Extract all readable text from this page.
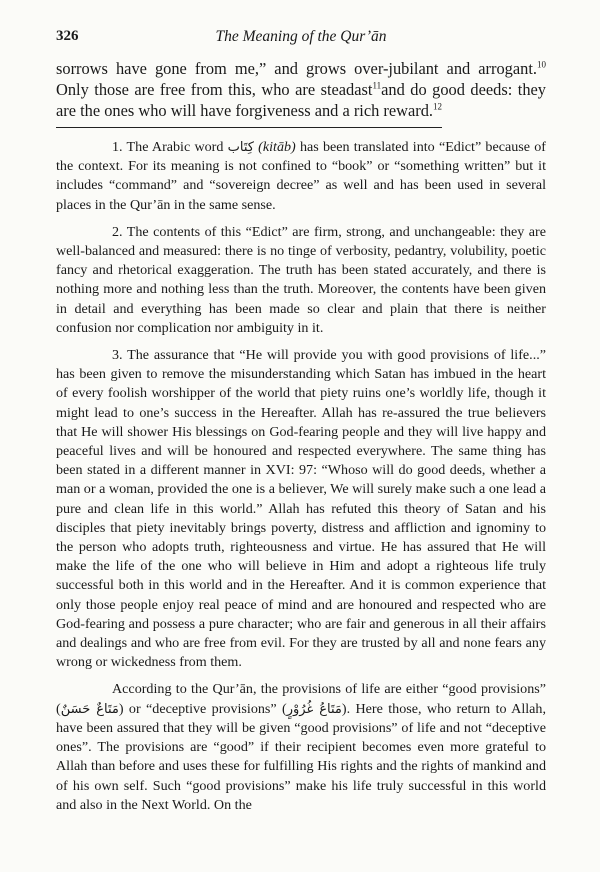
326	The Meaning of the Qur’ān

sorrows have gone from me,” and grows over-jubilant and arrogant.$^{10}$ Only those are free from this, who are steadast$^{11}$and do good deeds: they are the ones who will have forgiveness and a rich reward.$^{12}$

1. The Arabic word كِتَاب (kitāb) has been translated into “Edict” because of the context. For its meaning is not confined to “book” or “something written” but it includes “command” and “sovereign decree” as well and has been used in several places in the Qur’ān in the same sense.

2. The contents of this “Edict” are firm, strong, and unchangeable: they are well-balanced and measured: there is no tinge of verbosity, pedantry, volubility, poetic fancy and rhetorical exaggeration. The truth has been stated accurately, and there is nothing more and nothing less than the truth. Moreover, the contents have been given in detail and everything has been made so clear and plain that there is neither confusion nor complication nor ambiguity in it.

3. The assurance that “He will provide you with good provisions of life...” has been given to remove the misunderstanding which Satan has imbued in the heart of every foolish worshipper of the world that piety ruins one’s worldly life, though it might lead to one’s success in the Hereafter. Allah has re-assured the true believers that He will shower His blessings on God-fearing people and they will live happy and peaceful lives and will be honoured and respected everywhere. The same thing has been stated in a different manner in XVI: 97: “Whoso will do good deeds, whether a man or a woman, provided the one is a believer, We will surely make such a one lead a pure and clean life in this world.” Allah has refuted this theory of Satan and his disciples that piety inevitably brings poverty, distress and affliction and ignominy to the person who adopts truth, righteousness and virtue. He has assured that He will make the life of the one who will believe in Him and adopt a righteous life truly successful both in this world and in the Hereafter. And it is common experience that only those people enjoy real peace of mind and are honoured and respected who are God-fearing and possess a pure character; who are fair and generous in all their affairs and dealings and who are free from evil. For they are trusted by all and none fears any wrong or wickedness from them.

According to the Qur’ān, the provisions of life are either “good provisions” (مَتَاعٌ حَسَنٌ) or “deceptive provisions” (مَتَاعُ غُرُوْرٍ). Here those, who return to Allah, have been assured that they will be given “good provisions” of life and not “deceptive ones”. The provisions are “good” if their recipient becomes even more grateful to Allah than before and uses these for fulfilling His rights and the rights of mankind and of his own self. Such “good provisions” make his life truly successful in this world and also in the Next World. On the
